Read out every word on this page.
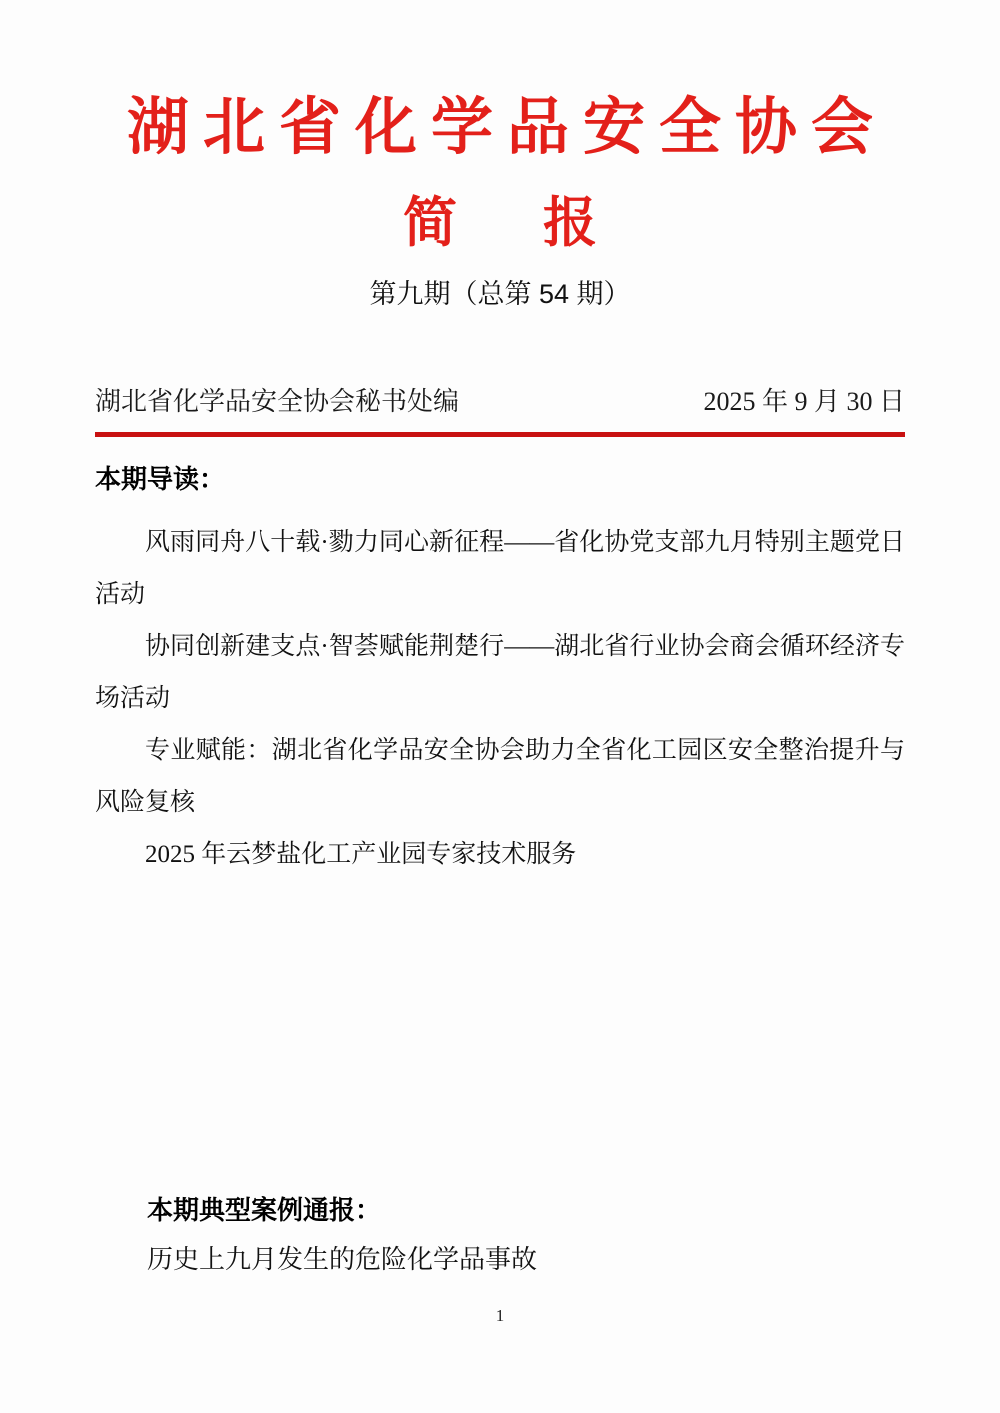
湖北省化学品安全协会
简　报
第九期（总第 54 期）
湖北省化学品安全协会秘书处编	2025 年 9 月 30 日
本期导读：

风雨同舟八十载·勠力同心新征程——省化协党支部九月特别主题党日活动

协同创新建支点·智荟赋能荆楚行——湖北省行业协会商会循环经济专场活动

专业赋能：湖北省化学品安全协会助力全省化工园区安全整治提升与风险复核

2025 年云梦盐化工产业园专家技术服务

本期典型案例通报：
历史上九月发生的危险化学品事故
1
